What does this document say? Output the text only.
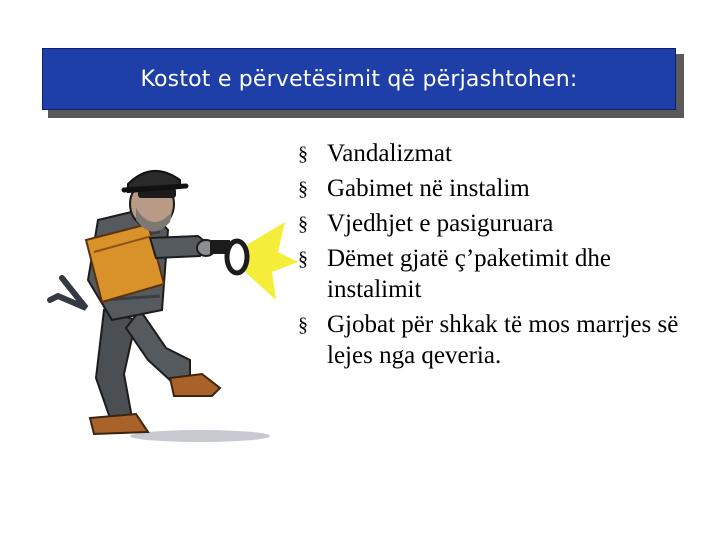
Kostot e përvetësimit që përjashtohen:
§ Vandalizmat
§ Gabimet në instalim
§ Vjedhjet e pasiguruara
§ Dëmet gjatë ç’paketimit dhe instalimit
§ Gjobat për shkak të mos marrjes së lejes nga qeveria.
